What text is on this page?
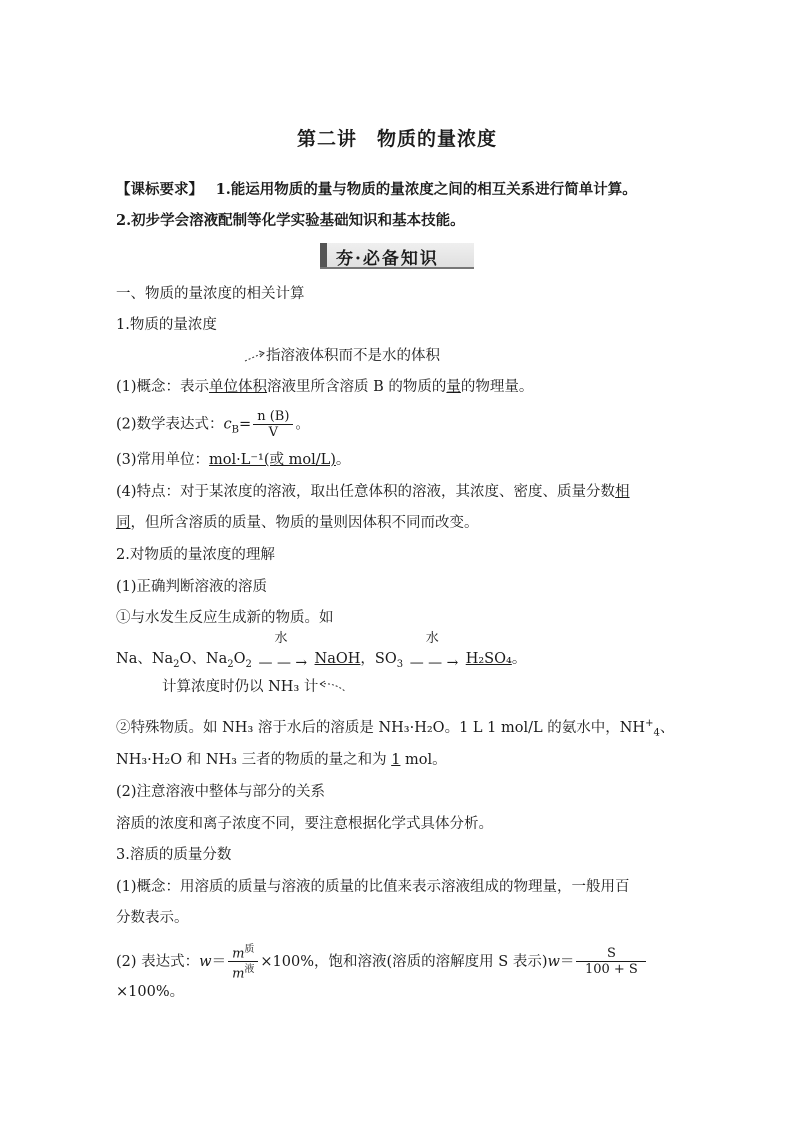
第二讲　物质的量浓度
【课标要求】 1.能运用物质的量与物质的量浓度之间的相互关系进行简单计算。
2.初步学会溶液配制等化学实验基础知识和基本技能。
夯·必备知识
一、物质的量浓度的相关计算
1.物质的量浓度
指溶液体积而不是水的体积
(1)概念：表示单位体积溶液里所含溶质 B 的物质的量的物理量。
(2)数学表达式：$c_B= \frac{n (B)}{V}$ 。
(3)常用单位：mol·L⁻¹(或 mol/L)。
(4)特点：对于某浓度的溶液，取出任意体积的溶液，其浓度、密度、质量分数相
同，但所含溶质的质量、物质的量则因体积不同而改变。
2.对物质的量浓度的理解
(1)正确判断溶液的溶质
①与水发生反应生成新的物质。如
Na、$Na_2O$、$Na_2O_2$
水
— — → NaOH，$SO_3$
水
— — → H₂SO₄。
计算浓度时仍以 NH₃ 计
②特殊物质。如 NH₃ 溶于水后的溶质是 NH₃·H₂O。1 L 1 mol/L 的氨水中，$NH^+_4$、
NH₃·H₂O 和 NH₃ 三者的物质的量之和为 1 mol。
(2)注意溶液中整体与部分的关系
溶质的浓度和离子浓度不同，要注意根据化学式具体分析。
3.溶质的质量分数
(1)概念：用溶质的质量与溶液的质量的比值来表示溶液组成的物理量，一般用百
分数表示。
(2) 表达式：$w= \frac{m^质}{m^液} \times 100\%$，饱和溶液(溶质的溶解度用 S 表示)$w= \frac{S}{100 + S}$
×100%。
